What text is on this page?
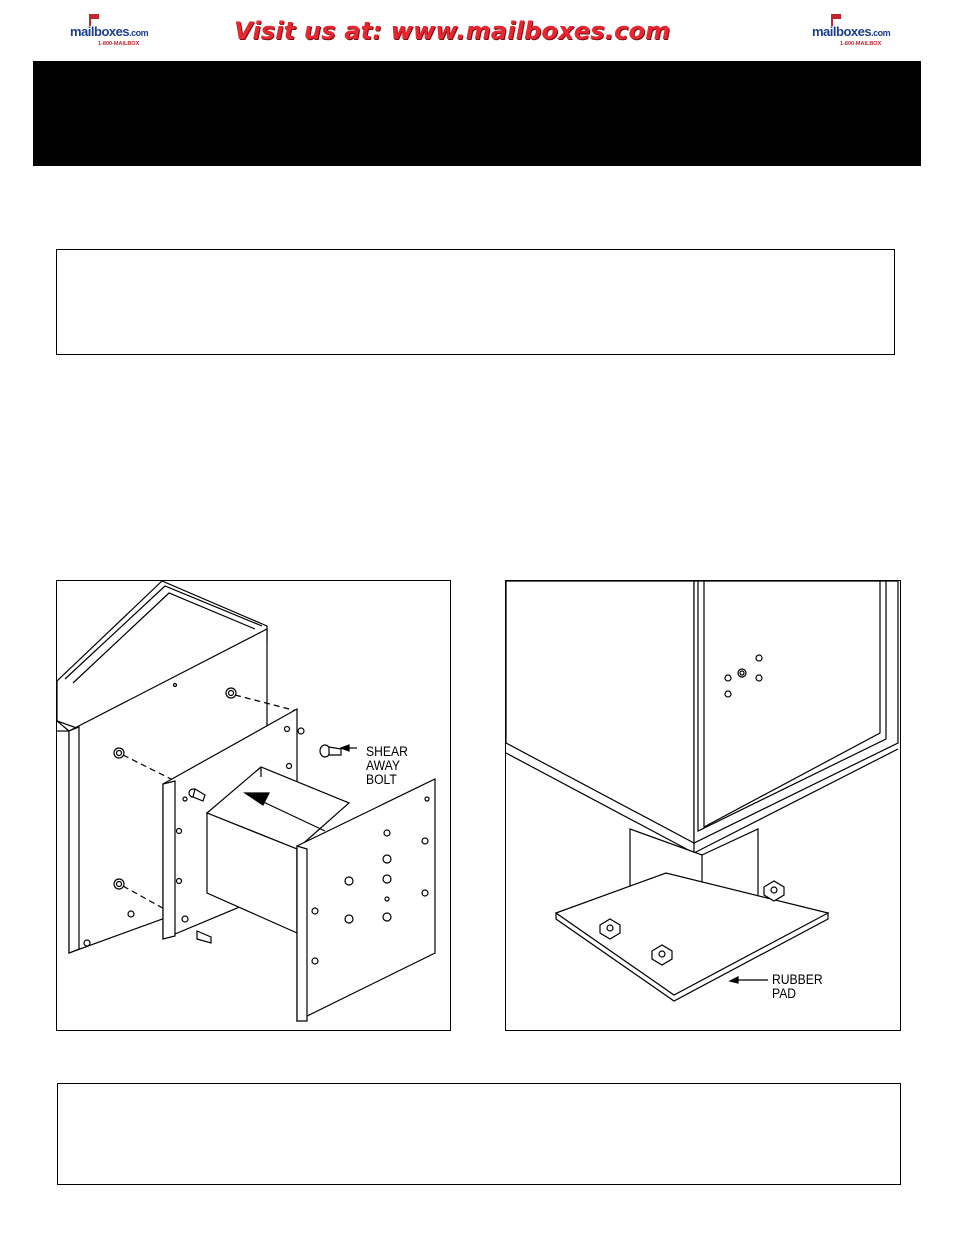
mailboxes.com
1-800-MAILBOX	Visit us at: www.mailboxes.com	mailboxes.com
1-800-MAILBOX
SHEAR
AWAY
BOLT
RUBBER
PAD
